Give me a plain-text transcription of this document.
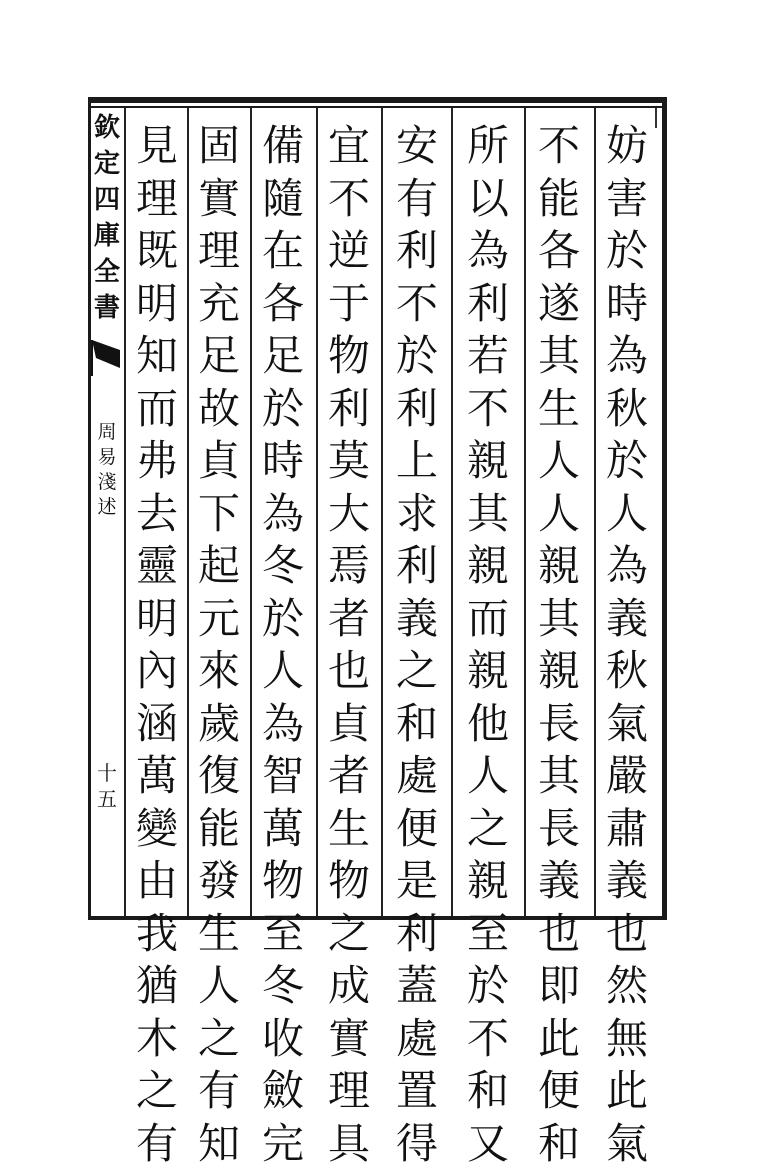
欽
定
四
庫
全
書
周
易
淺
述
十五
妨
害
於
時
為
秋
於
人
為
義
秋
氣
嚴
肅
義
也
然
無
此
氣
不
能
各
遂
其
生
人
人
親
其
親
長
其
長
義
也
即
此
便
和
所
以
為
利
若
不
親
其
親
而
親
他
人
之
親
至
於
不
和
又
安
有
利
不
於
利
上
求
利
義
之
和
處
便
是
利
蓋
處
置
得
宜
不
逆
于
物
利
莫
大
焉
者
也
貞
者
生
物
之
成
實
理
具
備
隨
在
各
足
於
時
為
冬
於
人
為
智
萬
物
至
冬
收
斂
完
固
實
理
充
足
故
貞
下
起
元
來
歲
復
能
發
生
人
之
有
知
見
理
既
明
知
而
弗
去
靈
明
內
涵
萬
變
由
我
猶
木
之
有
